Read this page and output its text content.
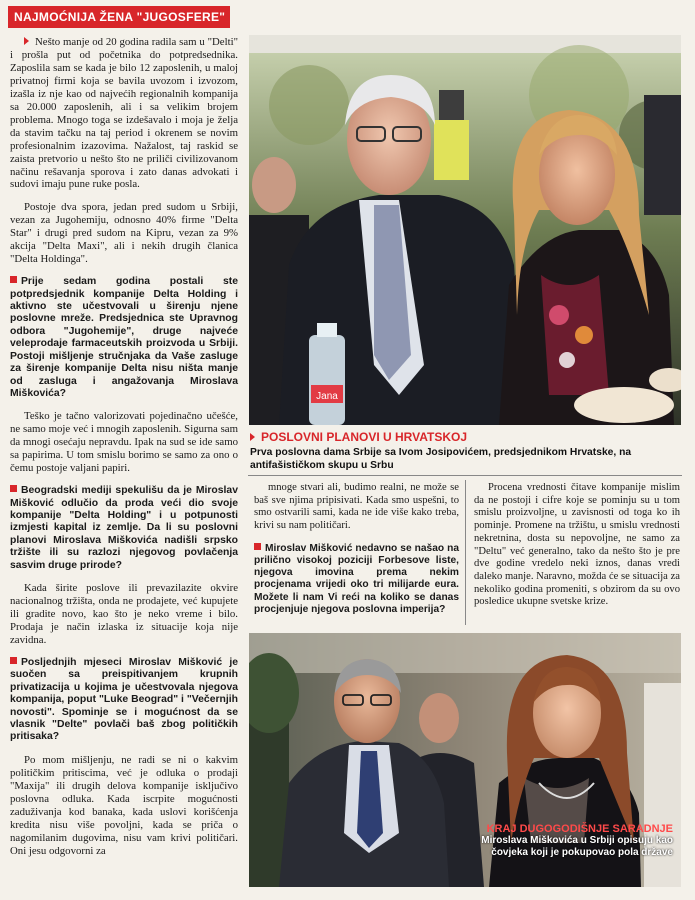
NAJMOĆNIJA ŽENA "JUGOSFERE"

Nešto manje od 20 godina radila sam u "Delti" i prošla put od početnika do potpredsednika. Zaposlila sam se kada je bilo 12 zaposlenih, u maloj privatnoj firmi koja se bavila uvozom i izvozom, izašla iz nje kao od najvećih regionalnih kompanija sa 20.000 zaposlenih, ali i sa velikim brojem problema. Mnogo toga se izdešavalo i moja je želja da stavim tačku na taj period i okrenem se novim profesionalnim izazovima. Nažalost, taj raskid se zaista pretvorio u nešto što ne priliči civilizovanom načinu rešavanja sporova i zato danas advokati i sudovi imaju pune ruke posla.

Postoje dva spora, jedan pred sudom u Srbiji, vezan za Jugohemiju, odnosno 40% firme "Delta Star" i drugi pred sudom na Kipru, vezan za 9% akcija "Delta Maxi", ali i nekih drugih članica "Delta Holdinga".

Prije sedam godina postali ste potpredsjednik kompanije Delta Holding i aktivno ste učestvovali u širenju njene poslovne mreže. Predsjednica ste Upravnog odbora "Jugohemije", druge najveće veleprodaje farmaceutskih proizvoda u Srbiji. Postoji mišljenje stručnjaka da Vaše zasluge za širenje kompanije Delta nisu ništa manje od zasluga i angažovanja Miroslava Miškovića?

Teško je tačno valorizovati pojedinačno učešće, ne samo moje već i mnogih zaposlenih. Sigurna sam da mnogi osećaju nepravdu. Ipak na sud se ide samo sa papirima. U tom smislu borimo se samo za ono o čemu postoje valjani papiri.

Beogradski mediji spekulišu da je Miroslav Mišković odlučio da proda veći dio svoje kompanije "Delta Holding" i u potpunosti izmjesti kapital iz zemlje. Da li su poslovni planovi Miroslava Miškovića nadišli srpsko tržište ili su razlozi njegovog povlačenja sasvim druge prirode?

Kada širite poslove ili prevazilazite okvire nacionalnog tržišta, onda ne prodajete, već kupujete ili gradite novo, kao što je neko vreme i bilo. Prodaja je način izlaska iz situacije koja nije zavidna.

Posljednjih mjeseci Miroslav Mišković je suočen sa preispitivanjem krupnih privatizacija u kojima je učestvovala njegova kompanija, poput "Luke Beograd" i "Večernjih novosti". Spominje se i mogućnost da se vlasnik "Delte" povlači baš zbog političkih pritisaka?

Po mom mišljenju, ne radi se ni o kakvim političkim pritiscima, već je odluka o prodaji "Maxija" ili drugih delova kompanije isključivo poslovna odluka. Kada iscrpite mogućnosti zaduživanja kod banaka, kada uslovi korišćenja kredita nisu više povoljni, kada se priča o nagomilanim dugovima, nisu vam krivi političari. Oni jesu odgovorni za

Jana
POSLOVNI PLANOVI U HRVATSKOJ

Prva poslovna dama Srbije sa Ivom Josipovićem, predsjednikom Hrvatske, na antifašističkom skupu u Srbu

mnoge stvari ali, budimo realni, ne može se baš sve njima pripisivati. Kada smo uspešni, to smo ostvarili sami, kada ne ide više kako treba, krivi su nam političari.

Miroslav Mišković nedavno se našao na prilično visokoj poziciji Forbesove liste, njegova imovina prema nekim procjenama vrijedi oko tri milijarde eura. Možete li nam Vi reći na koliko se danas procjenjuje njegova poslovna imperija?

Procena vrednosti čitave kompanije mislim da ne postoji i cifre koje se pominju su u tom smislu proizvoljne, u zavisnosti od toga ko ih pominje. Promene na tržištu, u smislu vrednosti nekretnina, dosta su nepovoljne, ne samo za "Deltu" već generalno, tako da nešto što je pre dve godine vredelo neki iznos, danas vredi daleko manje. Naravno, možda će se situacija za nekoliko godina promeniti, s obzirom da su ovo posledice ukupne svetske krize.

KRAJ DUGOGODIŠNJE SARADNJE
Miroslava Miškovića u Srbiji opisuju kao čovjeka koji je pokupovao pola države
